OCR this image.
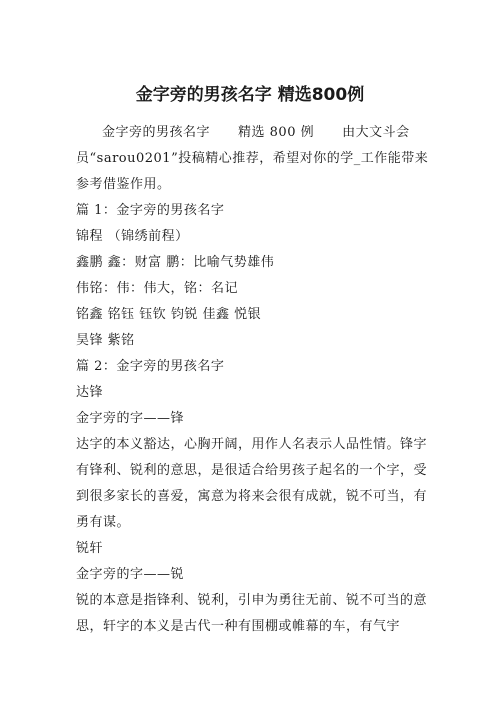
金字旁的男孩名字 精选800例

金字旁的男孩名字 精选 800 例 由大文斗会员“sarou0201”投稿精心推荐，希望对你的学_工作能带来参考借鉴作用。

篇 1：金字旁的男孩名字

锦程 （锦绣前程）

鑫鹏 鑫：财富 鹏：比喻气势雄伟

伟铭：伟：伟大，铭：名记

铭鑫 铭钰 钰钦 钧锐 佳鑫 悦银

昊锋 紫铭

篇 2：金字旁的男孩名字

达锋

金字旁的字——锋

达字的本义豁达，心胸开阔，用作人名表示人品性情。锋字有锋利、锐利的意思，是很适合给男孩子起名的一个字，受到很多家长的喜爱，寓意为将来会很有成就，锐不可当，有勇有谋。

锐轩

金字旁的字——锐

锐的本意是指锋利、锐利，引申为勇往无前、锐不可当的意思，轩字的本义是古代一种有围棚或帷幕的车，有气宇
